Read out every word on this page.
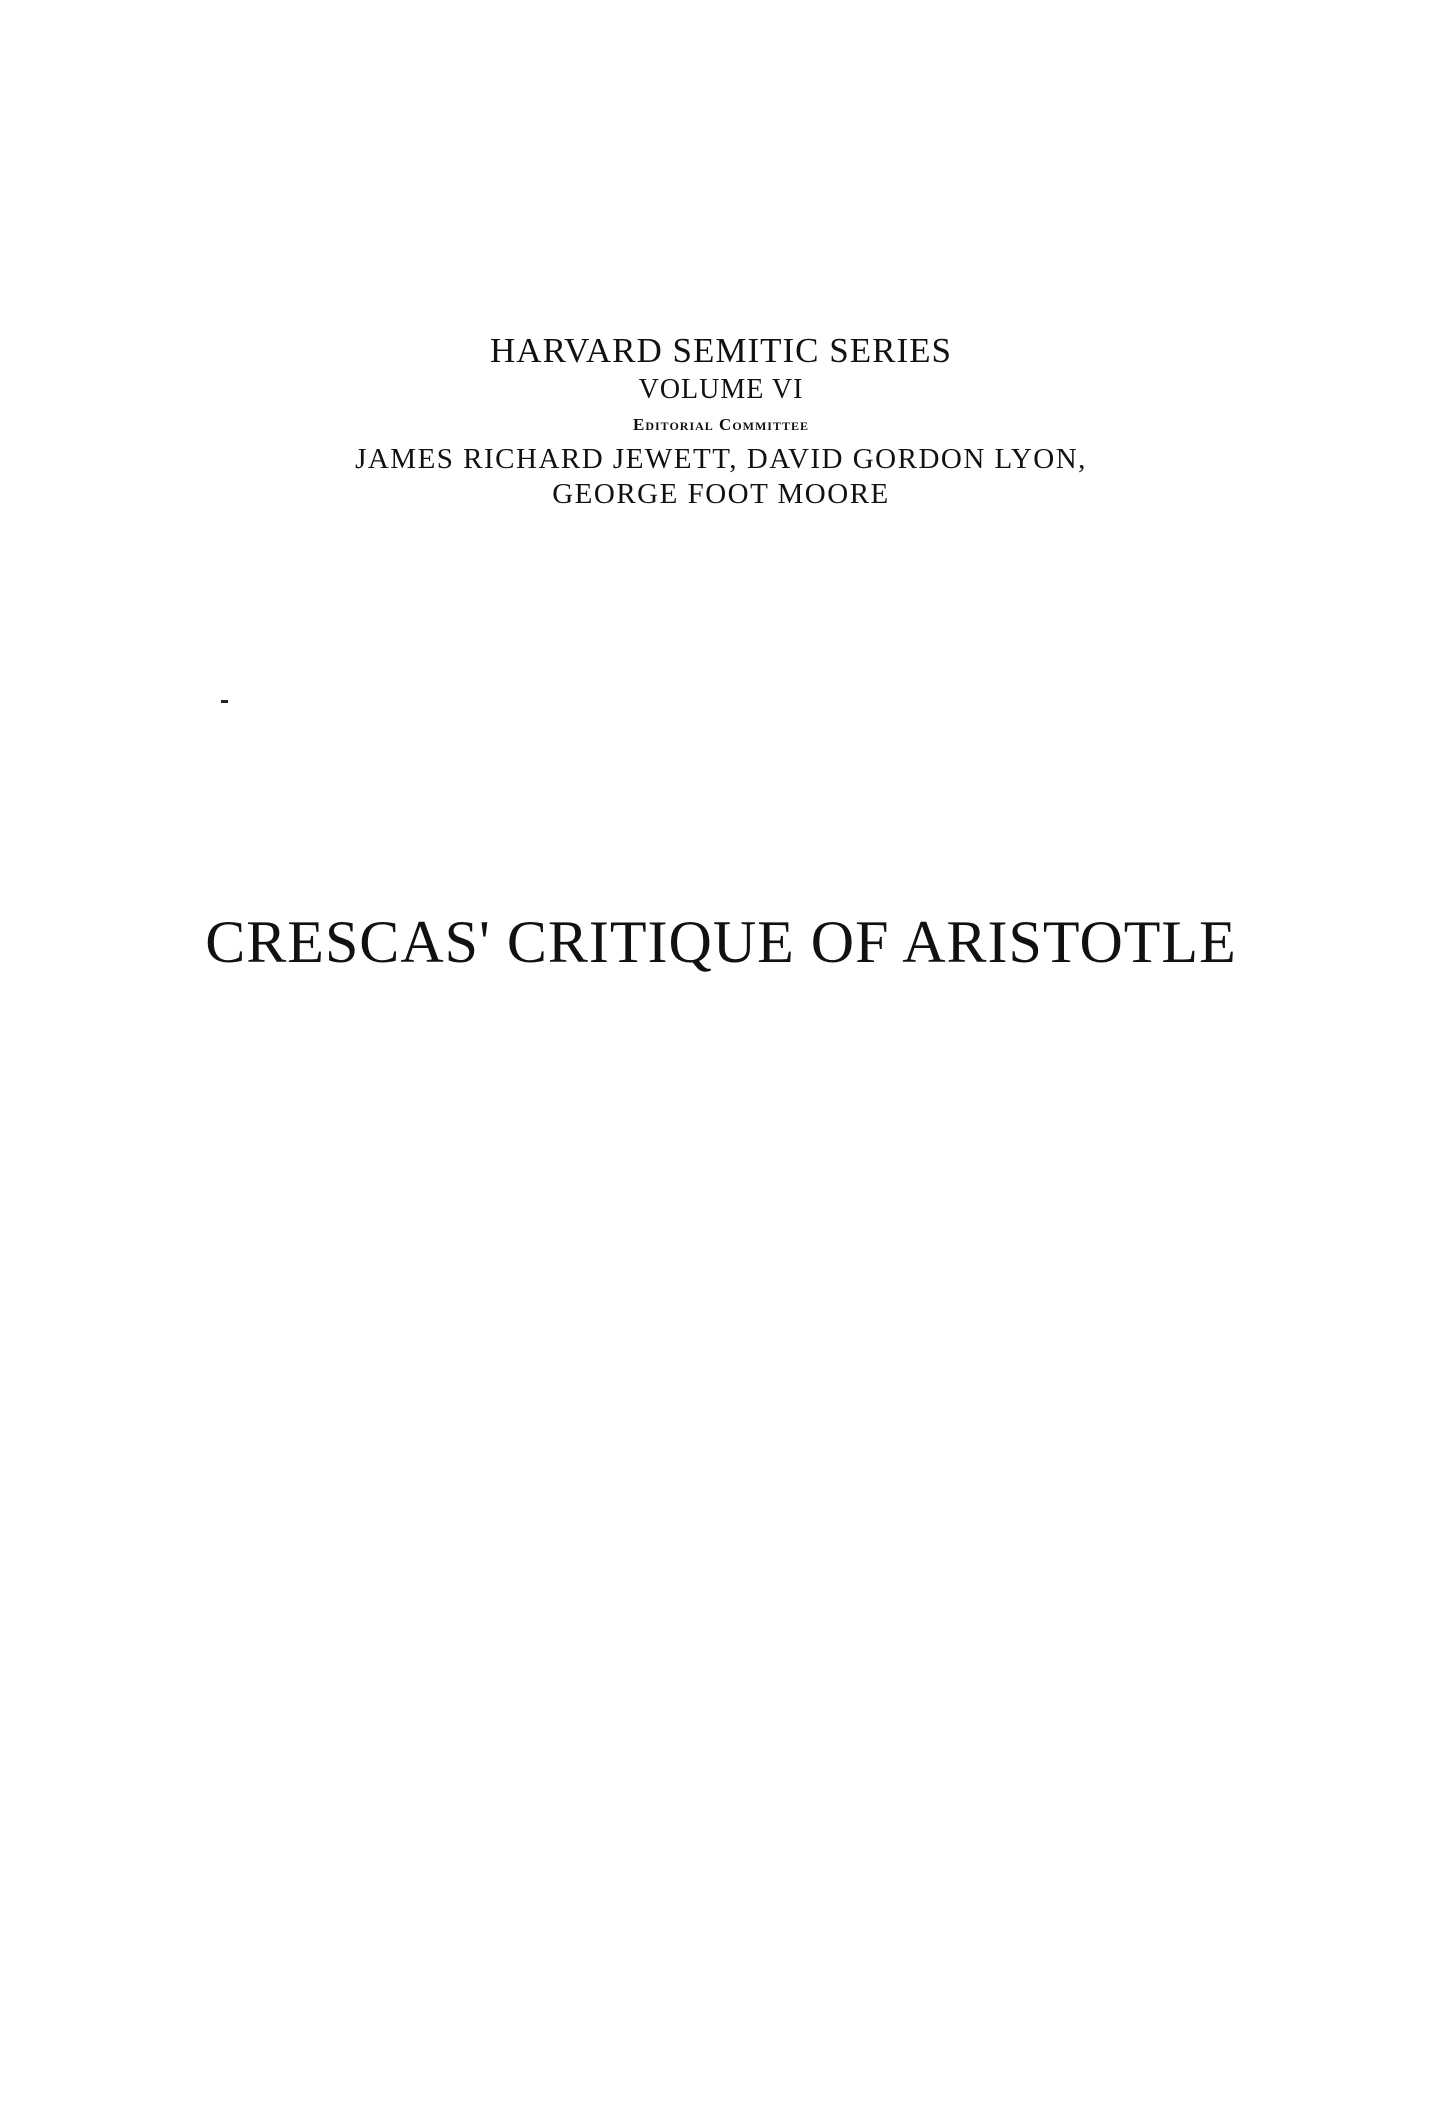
HARVARD SEMITIC SERIES

VOLUME VI

Editorial Committee

JAMES RICHARD JEWETT, DAVID GORDON LYON,

GEORGE FOOT MOORE

CRESCAS' CRITIQUE OF ARISTOTLE
